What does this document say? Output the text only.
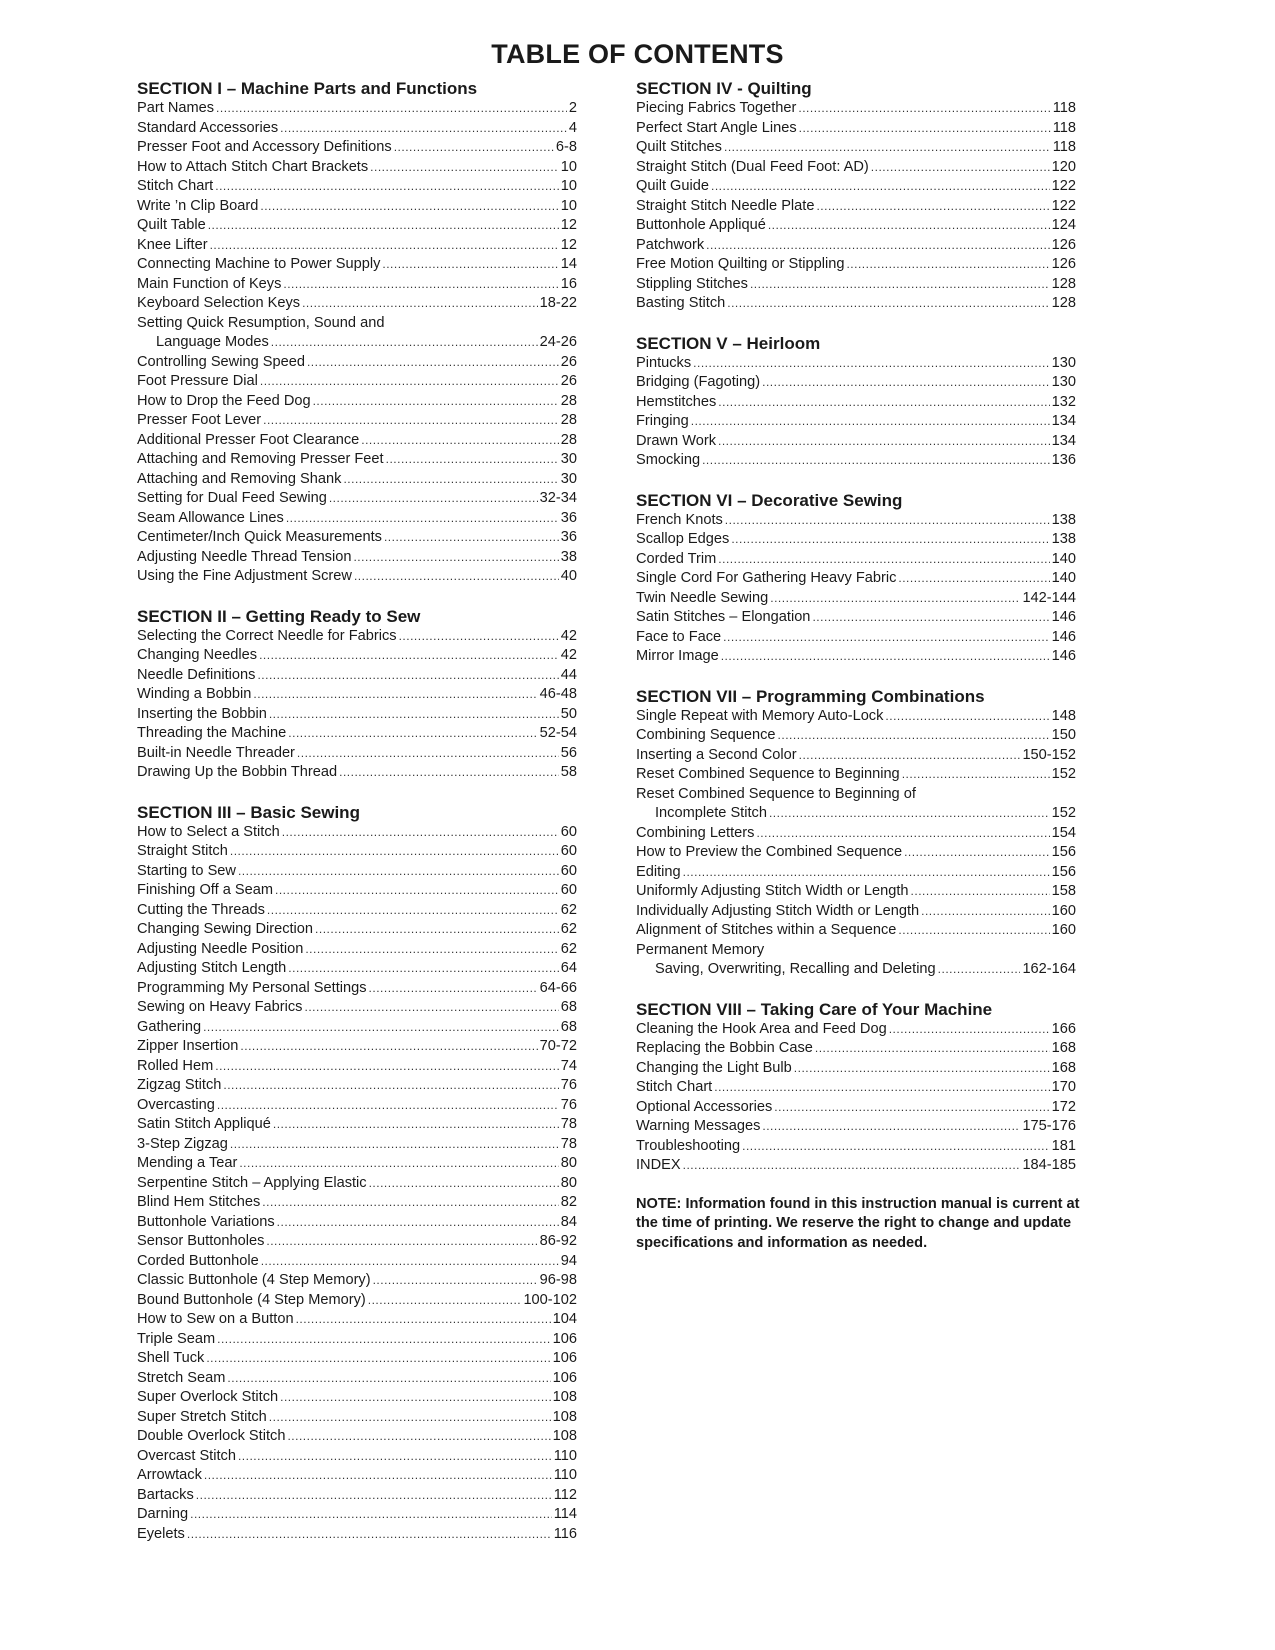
TABLE OF CONTENTS
SECTION I – Machine Parts and Functions
Part Names .....	2
Standard Accessories .....	4
Presser Foot and Accessory Definitions .....	6-8
How to Attach Stitch Chart Brackets .....	10
Stitch Chart .....	10
Write ’n Clip Board .....	10
Quilt Table .....	12
Knee Lifter .....	12
Connecting Machine to Power Supply .....	14
Main Function of Keys .....	16
Keyboard Selection Keys .....	18-22
Setting Quick Resumption, Sound and
Language Modes .....	24-26
Controlling Sewing Speed .....	26
Foot Pressure Dial .....	26
How to Drop the Feed Dog .....	28
Presser Foot Lever .....	28
Additional Presser Foot Clearance .....	28
Attaching and Removing Presser Feet .....	30
Attaching and Removing Shank .....	30
Setting for Dual Feed Sewing .....	32-34
Seam Allowance Lines .....	36
Centimeter/Inch Quick Measurements .....	36
Adjusting Needle Thread Tension .....	38
Using the Fine Adjustment Screw .....	40
SECTION II – Getting Ready to Sew
Selecting the Correct Needle for Fabrics .....	42
Changing Needles .....	42
Needle Definitions .....	44
Winding a Bobbin .....	46-48
Inserting the Bobbin .....	50
Threading the Machine .....	52-54
Built-in Needle Threader .....	56
Drawing Up the Bobbin Thread .....	58
SECTION III – Basic Sewing
How to Select a Stitch .....	60
Straight Stitch .....	60
Starting to Sew .....	60
Finishing Off a Seam .....	60
Cutting the Threads .....	62
Changing Sewing Direction .....	62
Adjusting Needle Position .....	62
Adjusting Stitch Length .....	64
Programming My Personal Settings .....	64-66
Sewing on Heavy Fabrics .....	68
Gathering .....	68
Zipper Insertion .....	70-72
Rolled Hem .....	74
Zigzag Stitch .....	76
Overcasting .....	76
Satin Stitch Appliqué .....	78
3-Step Zigzag .....	78
Mending a Tear .....	80
Serpentine Stitch – Applying Elastic .....	80
Blind Hem Stitches .....	82
Buttonhole Variations .....	84
Sensor Buttonholes .....	86-92
Corded Buttonhole .....	94
Classic Buttonhole (4 Step Memory) .....	96-98
Bound Buttonhole (4 Step Memory) .....	100-102
How to Sew on a Button .....	104
Triple Seam .....	106
Shell Tuck .....	106
Stretch Seam .....	106
Super Overlock Stitch .....	108
Super Stretch Stitch .....	108
Double Overlock Stitch .....	108
Overcast Stitch .....	110
Arrowtack .....	110
Bartacks .....	112
Darning .....	114
Eyelets .....	116
SECTION IV - Quilting
Piecing Fabrics Together .....	118
Perfect Start Angle Lines .....	118
Quilt Stitches .....	118
Straight Stitch (Dual Feed Foot: AD) .....	120
Quilt Guide .....	122
Straight Stitch Needle Plate .....	122
Buttonhole Appliqué .....	124
Patchwork .....	126
Free Motion Quilting or Stippling .....	126
Stippling Stitches .....	128
Basting Stitch .....	128
SECTION V – Heirloom
Pintucks .....	130
Bridging (Fagoting) .....	130
Hemstitches .....	132
Fringing .....	134
Drawn Work .....	134
Smocking .....	136
SECTION VI – Decorative Sewing
French Knots .....	138
Scallop Edges .....	138
Corded Trim .....	140
Single Cord For Gathering Heavy Fabric .....	140
Twin Needle Sewing .....	142-144
Satin Stitches – Elongation .....	146
Face to Face .....	146
Mirror Image .....	146
SECTION VII – Programming Combinations
Single Repeat with Memory Auto-Lock .....	148
Combining Sequence .....	150
Inserting a Second Color .....	150-152
Reset Combined Sequence to Beginning .....	152
Reset Combined Sequence to Beginning of
Incomplete Stitch .....	152
Combining Letters .....	154
How to Preview the Combined Sequence .....	156
Editing .....	156
Uniformly Adjusting Stitch Width or Length .....	158
Individually Adjusting Stitch Width or Length .....	160
Alignment of Stitches within a Sequence .....	160
Permanent Memory
Saving, Overwriting, Recalling and Deleting .....	162-164
SECTION VIII – Taking Care of Your Machine
Cleaning the Hook Area and Feed Dog .....	166
Replacing the Bobbin Case .....	168
Changing the Light Bulb .....	168
Stitch Chart .....	170
Optional Accessories .....	172
Warning Messages .....	175-176
Troubleshooting .....	181
INDEX .....	184-185
NOTE: Information found in this instruction manual is current at the time of printing. We reserve the right to change and update specifications and information as needed.
